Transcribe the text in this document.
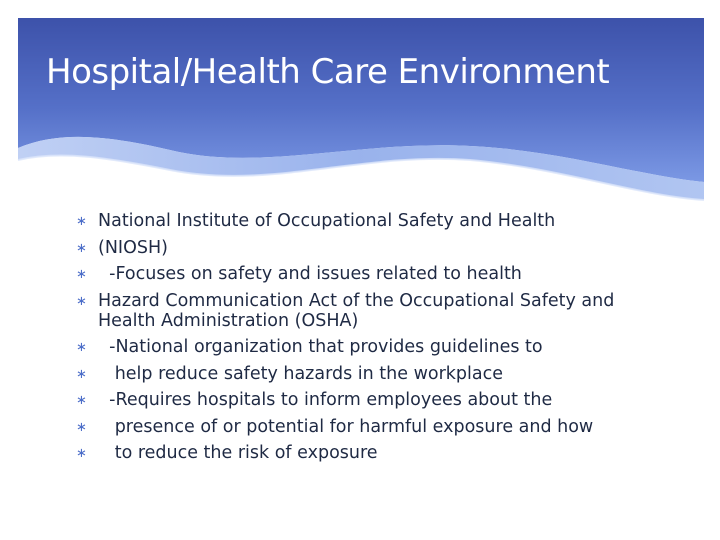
Hospital/Health Care Environment
∗ National Institute of Occupational Safety and Health
∗ (NIOSH)
∗ -Focuses on safety and issues related to health
∗ Hazard Communication Act of the Occupational Safety and Health Administration (OSHA)
∗ -National organization that provides guidelines to
∗ help reduce safety hazards in the workplace
∗ -Requires hospitals to inform employees about the
∗ presence of or potential for harmful exposure and how
∗ to reduce the risk of exposure
